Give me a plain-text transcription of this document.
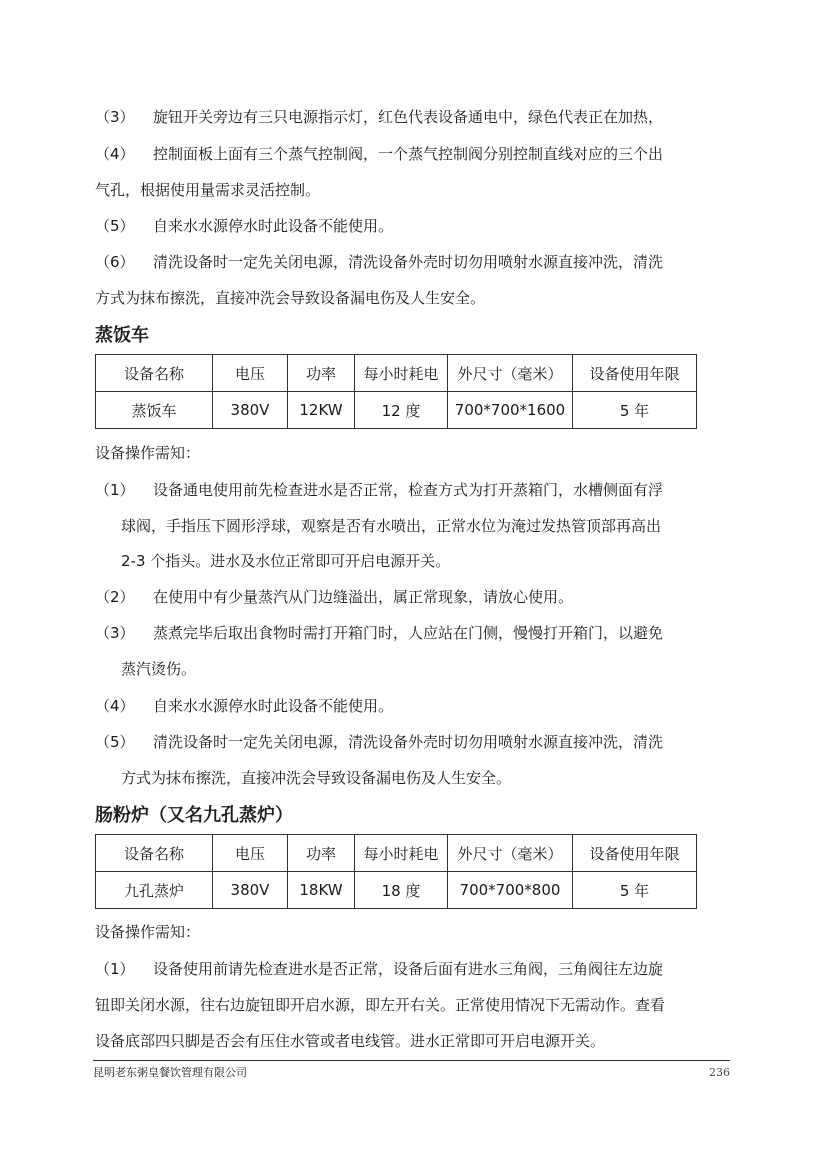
（3） 旋钮开关旁边有三只电源指示灯，红色代表设备通电中，绿色代表正在加热，
（4） 控制面板上面有三个蒸气控制阀，一个蒸气控制阀分别控制直线对应的三个出
气孔，根据使用量需求灵活控制。
（5） 自来水水源停水时此设备不能使用。
（6） 清洗设备时一定先关闭电源，清洗设备外壳时切勿用喷射水源直接冲洗，清洗
方式为抹布擦洗，直接冲洗会导致设备漏电伤及人生安全。
蒸饭车
设备名称	电压	功率	每小时耗电	外尺寸（毫米）	设备使用年限
蒸饭车	380V	12KW	12 度	700*700*1600	5 年
设备操作需知：
（1） 设备通电使用前先检查进水是否正常，检查方式为打开蒸箱门，水槽侧面有浮
球阀，手指压下圆形浮球，观察是否有水喷出，正常水位为淹过发热管顶部再高出
2-3 个指头。进水及水位正常即可开启电源开关。
（2） 在使用中有少量蒸汽从门边缝溢出，属正常现象，请放心使用。
（3） 蒸煮完毕后取出食物时需打开箱门时，人应站在门侧，慢慢打开箱门，以避免
蒸汽烫伤。
（4） 自来水水源停水时此设备不能使用。
（5） 清洗设备时一定先关闭电源，清洗设备外壳时切勿用喷射水源直接冲洗，清洗
方式为抹布擦洗，直接冲洗会导致设备漏电伤及人生安全。
肠粉炉（又名九孔蒸炉）
设备名称	电压	功率	每小时耗电	外尺寸（毫米）	设备使用年限
九孔蒸炉	380V	18KW	18 度	700*700*800	5 年
设备操作需知：
（1） 设备使用前请先检查进水是否正常，设备后面有进水三角阀，三角阀往左边旋
钮即关闭水源，往右边旋钮即开启水源，即左开右关。正常使用情况下无需动作。查看
设备底部四只脚是否会有压住水管或者电线管。进水正常即可开启电源开关。
昆明老东粥皇餐饮管理有限公司	236
